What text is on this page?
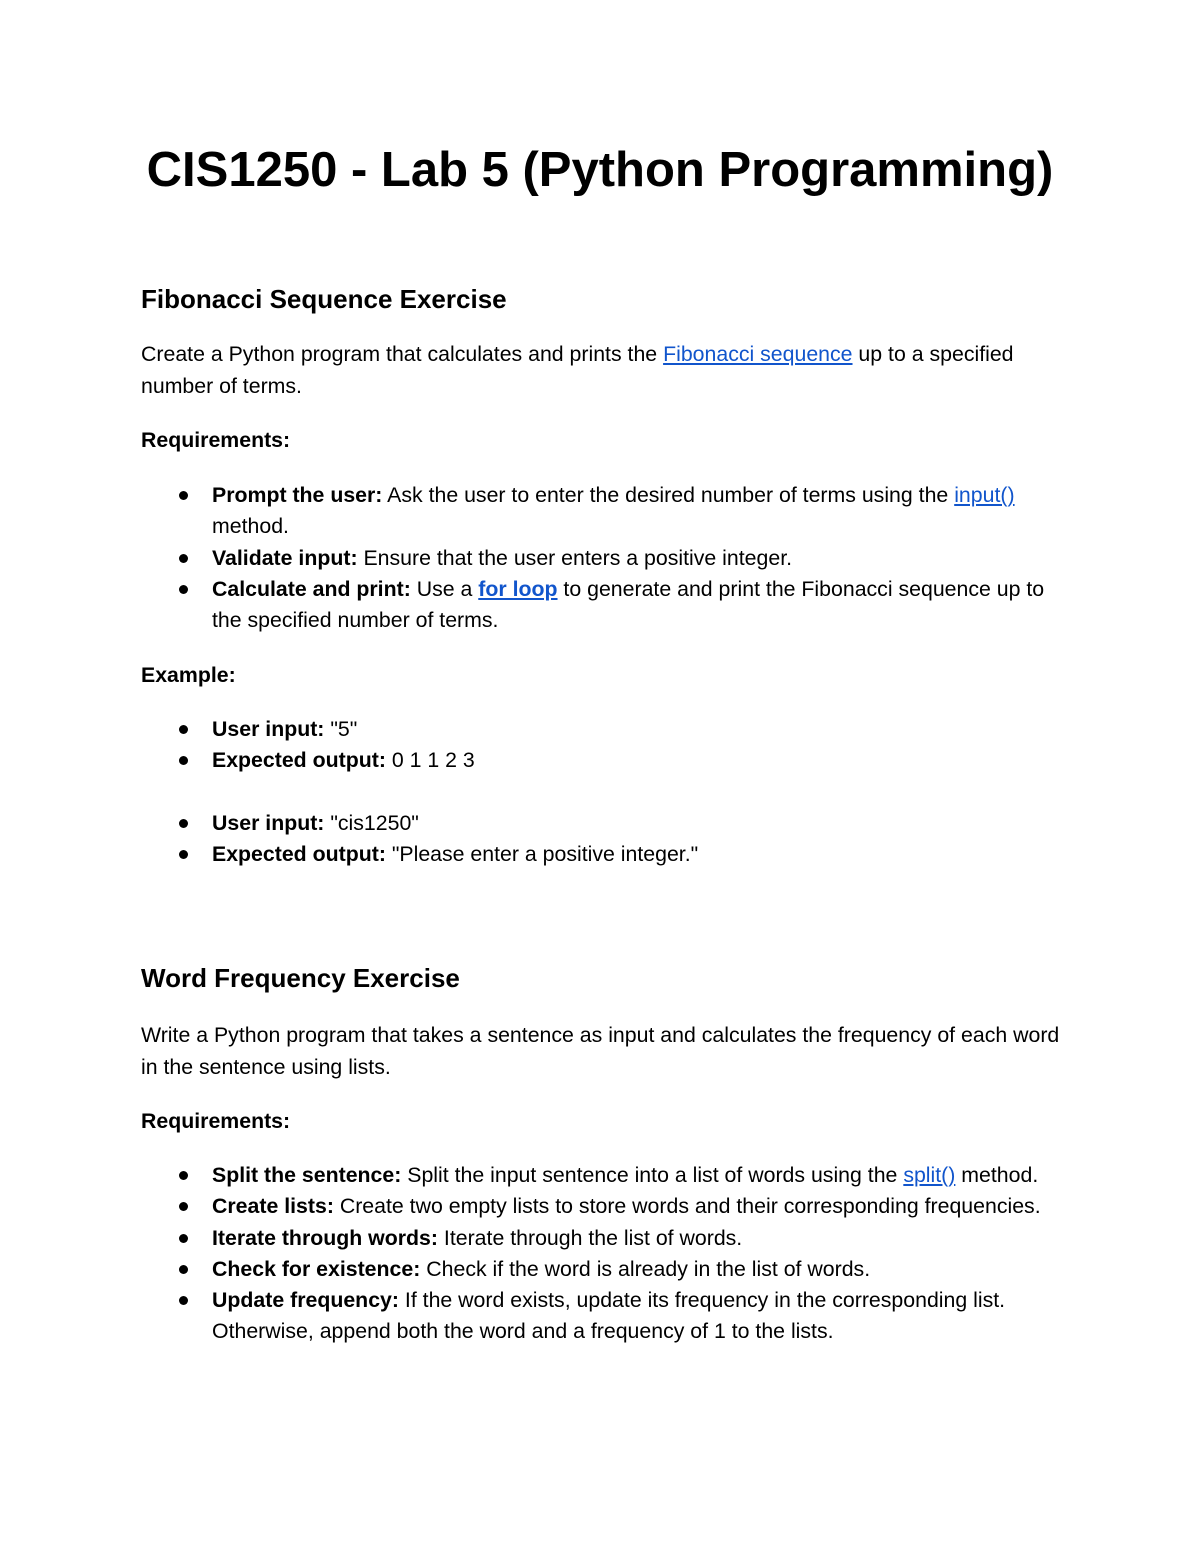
CIS1250 - Lab 5 (Python Programming)
Fibonacci Sequence Exercise

Create a Python program that calculates and prints the Fibonacci sequence up to a specified number of terms.

Requirements:

Prompt the user: Ask the user to enter the desired number of terms using the input() method.
Validate input: Ensure that the user enters a positive integer.
Calculate and print: Use a for loop to generate and print the Fibonacci sequence up to the specified number of terms.

Example:

User input: "5"
Expected output: 0 1 1 2 3
User input: "cis1250"
Expected output: "Please enter a positive integer."
Word Frequency Exercise

Write a Python program that takes a sentence as input and calculates the frequency of each word in the sentence using lists.

Requirements:

Split the sentence: Split the input sentence into a list of words using the split() method.
Create lists: Create two empty lists to store words and their corresponding frequencies.
Iterate through words: Iterate through the list of words.
Check for existence: Check if the word is already in the list of words.
Update frequency: If the word exists, update its frequency in the corresponding list. Otherwise, append both the word and a frequency of 1 to the lists.
